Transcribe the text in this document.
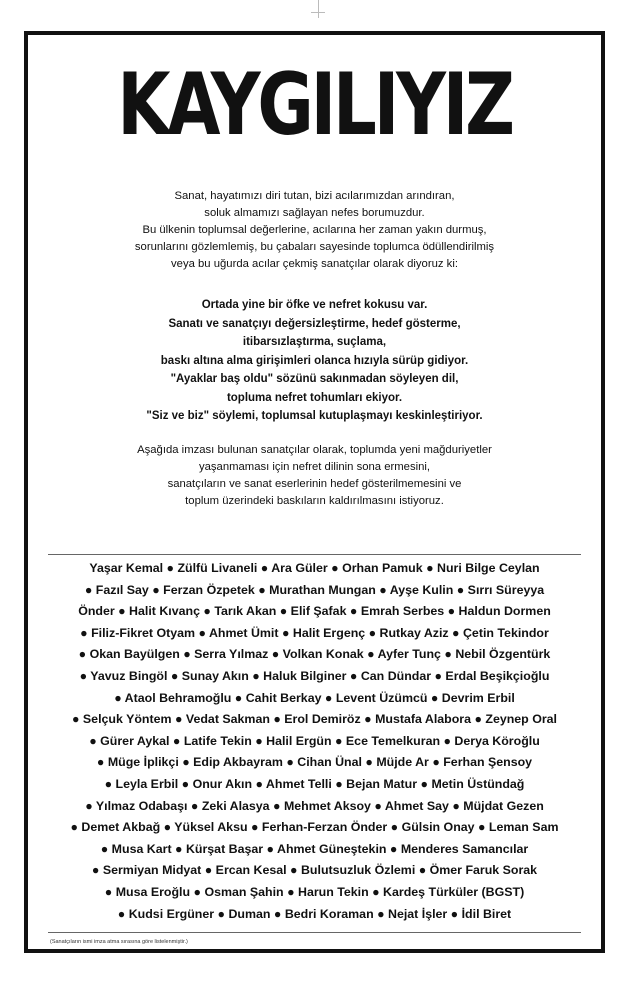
KAYGILIYIZ
Sanat, hayatımızı diri tutan, bizi acılarımızdan arındıran,
soluk almamızı sağlayan nefes borumuzdur.
Bu ülkenin toplumsal değerlerine, acılarına her zaman yakın durmuş,
sorunlarını gözlemlemiş, bu çabaları sayesinde toplumca ödüllendirilmiş
veya bu uğurda acılar çekmiş sanatçılar olarak diyoruz ki:
Ortada yine bir öfke ve nefret kokusu var.
Sanatı ve sanatçıyı değersizleştirme, hedef gösterme,
itibarsızlaştırma, suçlama,
baskı altına alma girişimleri olanca hızıyla sürüp gidiyor.
"Ayaklar baş oldu" sözünü sakınmadan söyleyen dil,
topluma nefret tohumları ekiyor.
"Siz ve biz" söylemi, toplumsal kutuplaşmayı keskinleştiriyor.
Aşağıda imzası bulunan sanatçılar olarak, toplumda yeni mağduriyetler
yaşanmaması için nefret dilinin sona ermesini,
sanatçıların ve sanat eserlerinin hedef gösterilmemesini ve
toplum üzerindeki baskıların kaldırılmasını istiyoruz.
Yaşar Kemal ● Zülfü Livaneli ● Ara Güler ● Orhan Pamuk ● Nuri Bilge Ceylan
● Fazıl Say ● Ferzan Özpetek ● Murathan Mungan ● Ayşe Kulin ● Sırrı Süreyya
Önder ● Halit Kıvanç ● Tarık Akan ● Elif Şafak ● Emrah Serbes ● Haldun Dormen
● Filiz-Fikret Otyam ● Ahmet Ümit ● Halit Ergenç ● Rutkay Aziz ● Çetin Tekindor
● Okan Bayülgen ● Serra Yılmaz ● Volkan Konak ● Ayfer Tunç ● Nebil Özgentürk
● Yavuz Bingöl ● Sunay Akın ● Haluk Bilginer ● Can Dündar ● Erdal Beşikçioğlu
● Ataol Behramoğlu ● Cahit Berkay ● Levent Üzümcü ● Devrim Erbil
● Selçuk Yöntem ● Vedat Sakman ● Erol Demiröz ● Mustafa Alabora ● Zeynep Oral
● Gürer Aykal ● Latife Tekin ● Halil Ergün ● Ece Temelkuran ● Derya Köroğlu
● Müge İplikçi ● Edip Akbayram ● Cihan Ünal ● Müjde Ar ● Ferhan Şensoy
● Leyla Erbil ● Onur Akın ● Ahmet Telli ● Bejan Matur ● Metin Üstündağ
● Yılmaz Odabaşı ● Zeki Alasya ● Mehmet Aksoy ● Ahmet Say ● Müjdat Gezen
● Demet Akbağ ● Yüksel Aksu ● Ferhan-Ferzan Önder ● Gülsin Onay ● Leman Sam
● Musa Kart ● Kürşat Başar ● Ahmet Güneştekin ● Menderes Samancılar
● Sermiyan Midyat ● Ercan Kesal ● Bulutsuzluk Özlemi ● Ömer Faruk Sorak
● Musa Eroğlu ● Osman Şahin ● Harun Tekin ● Kardeş Türküler (BGST)
● Kudsi Ergüner ● Duman ● Bedri Koraman ● Nejat İşler ● İdil Biret
(Sanatçıların ismi imza atma sırasına göre listelenmiştir.)
